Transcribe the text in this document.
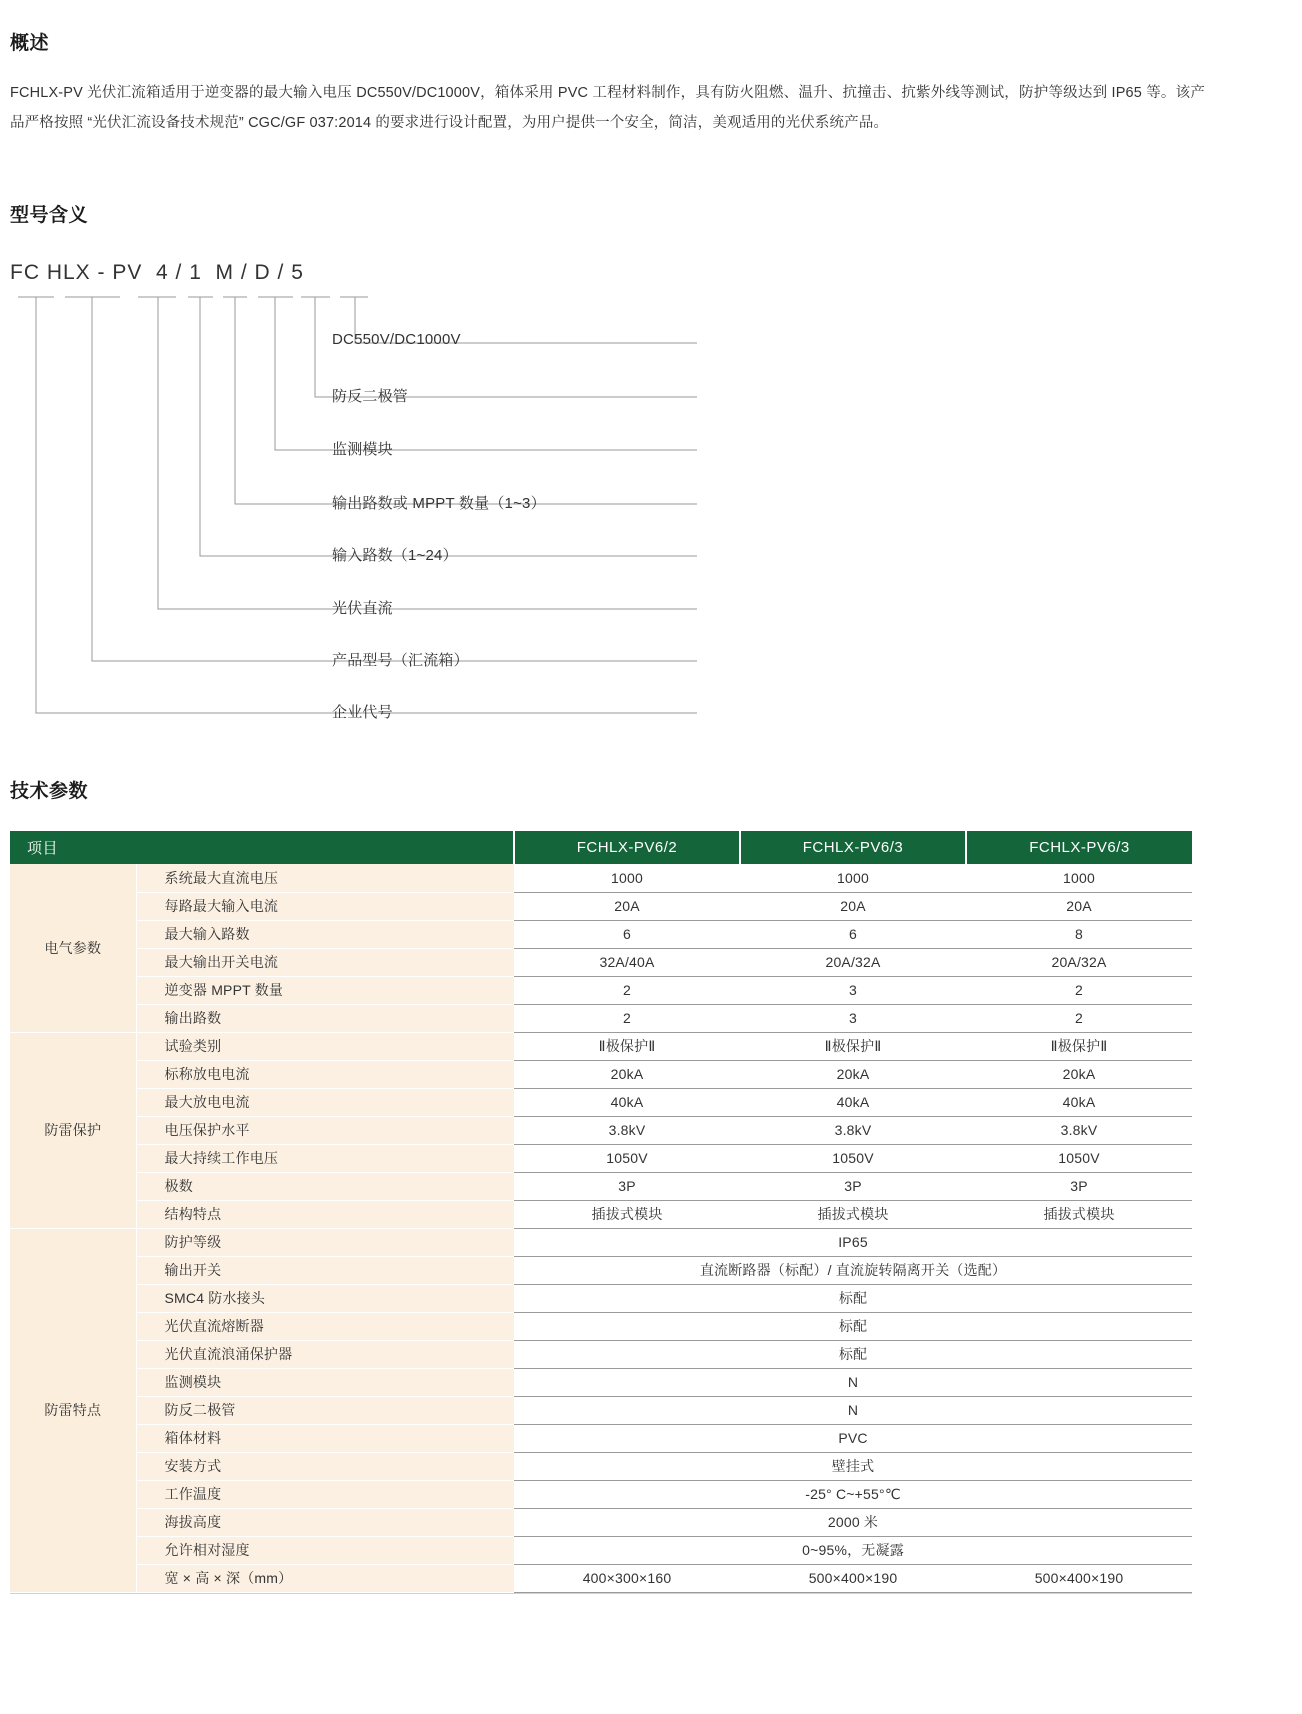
概述

FCHLX-PV 光伏汇流箱适用于逆变器的最大输入电压 DC550V/DC1000V，箱体采用 PVC 工程材料制作，具有防火阻燃、温升、抗撞击、抗紫外线等测试，防护等级达到 IP65 等。该产品严格按照 “光伏汇流设备技术规范” CGC/GF 037:2014 的要求进行设计配置，为用户提供一个安全，简洁，美观适用的光伏系统产品。

型号含义
FC HLX - PV  4 / 1  M / D / 5
DC550V/DC1000V
防反二极管
监测模块
输出路数或 MPPT 数量（1~3）
输入路数（1~24）
光伏直流
产品型号（汇流箱）
企业代号
技术参数
项目		FCHLX-PV6/2	FCHLX-PV6/3	FCHLX-PV6/3
电气参数	系统最大直流电压	1000	1000	1000
	每路最大输入电流	20A	20A	20A
	最大输入路数	6	6	8
	最大输出开关电流	32A/40A	20A/32A	20A/32A
	逆变器 MPPT 数量	2	3	2
	输出路数	2	3	2
防雷保护	试验类别	Ⅱ极保护Ⅱ	Ⅱ极保护Ⅱ	Ⅱ极保护Ⅱ
	标称放电电流	20kA	20kA	20kA
	最大放电电流	40kA	40kA	40kA
	电压保护水平	3.8kV	3.8kV	3.8kV
	最大持续工作电压	1050V	1050V	1050V
	极数	3P	3P	3P
	结构特点	插拔式模块	插拔式模块	插拔式模块
防雷特点	防护等级	IP65		
	输出开关	直流断路器（标配）/ 直流旋转隔离开关（选配）		
	SMC4 防水接头	标配		
	光伏直流熔断器	标配		
	光伏直流浪涌保护器	标配		
	监测模块	N		
	防反二极管	N		
	箱体材料	PVC		
	安装方式	壁挂式		
	工作温度	-25° C~+55°℃		
	海拔高度	2000 米		
	允许相对湿度	0~95%，无凝露		
	宽 × 高 × 深（mm）	400×300×160	500×400×190	500×400×190
